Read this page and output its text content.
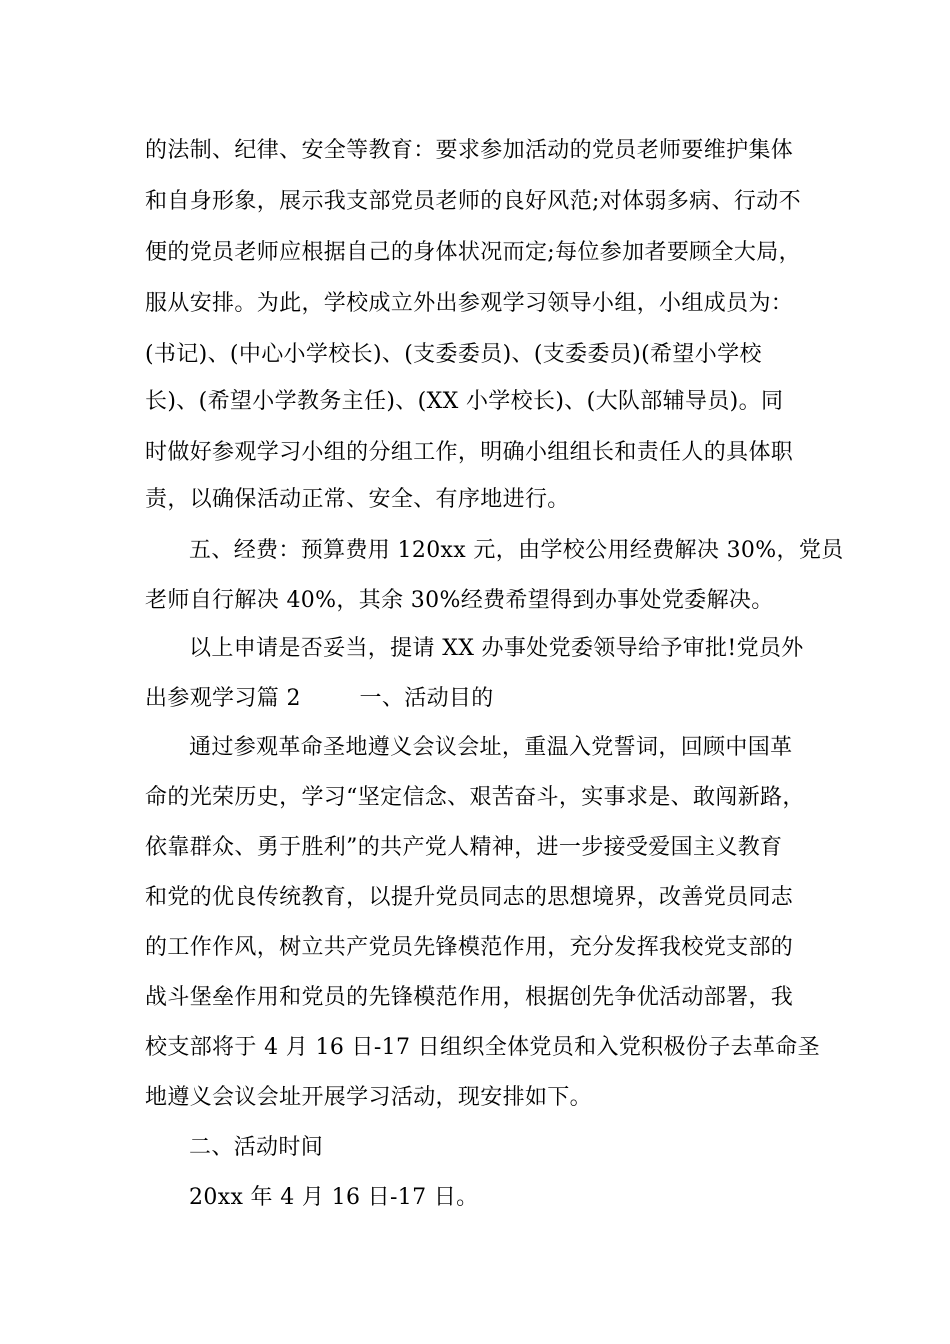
的法制、纪律、安全等教育：要求参加活动的党员老师要维护集体
和自身形象，展示我支部党员老师的良好风范;对体弱多病、行动不
便的党员老师应根据自己的身体状况而定;每位参加者要顾全大局，
服从安排。为此，学校成立外出参观学习领导小组，小组成员为：
(书记)、(中心小学校长)、(支委委员)、(支委委员)(希望小学校
长)、(希望小学教务主任)、(XX 小学校长)、(大队部辅导员)。同
时做好参观学习小组的分组工作，明确小组组长和责任人的具体职
责，以确保活动正常、安全、有序地进行。
五、经费：预算费用 120xx 元，由学校公用经费解决 30%，党员
老师自行解决 40%，其余 30%经费希望得到办事处党委解决。
以上申请是否妥当，提请 XX 办事处党委领导给予审批!党员外
出参观学习篇 2        一、活动目的
通过参观革命圣地遵义会议会址，重温入党誓词，回顾中国革
命的光荣历史，学习“坚定信念、艰苦奋斗，实事求是、敢闯新路，
依靠群众、勇于胜利”的共产党人精神，进一步接受爱国主义教育
和党的优良传统教育，以提升党员同志的思想境界，改善党员同志
的工作作风，树立共产党员先锋模范作用，充分发挥我校党支部的
战斗堡垒作用和党员的先锋模范作用，根据创先争优活动部署，我
校支部将于 4 月 16 日-17 日组织全体党员和入党积极份子去革命圣
地遵义会议会址开展学习活动，现安排如下。
二、活动时间
20xx 年 4 月 16 日-17 日。
